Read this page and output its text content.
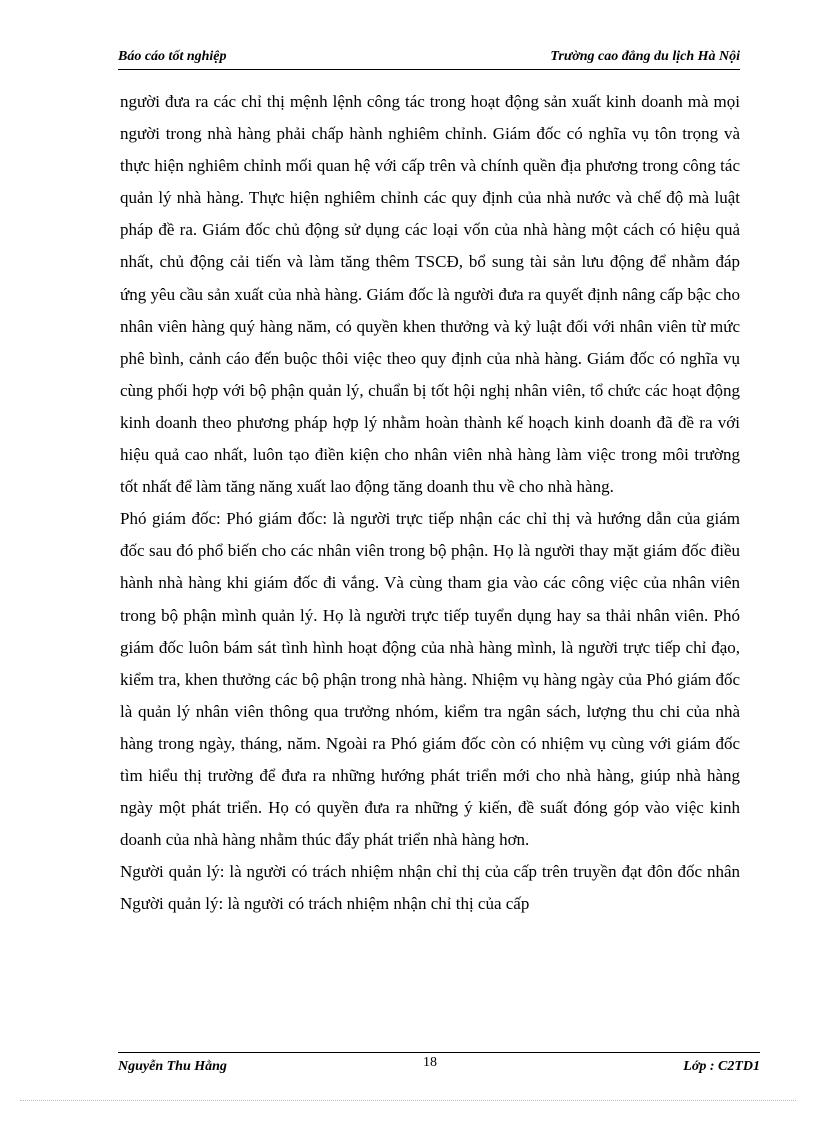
Báo cáo tốt nghiệp	Trường cao đẳng du lịch Hà Nội

người đưa ra các chỉ thị mệnh lệnh công tác trong hoạt động sản xuất kinh doanh mà mọi người trong nhà hàng phải chấp hành nghiêm chỉnh. Giám đốc có nghĩa vụ tôn trọng và thực hiện nghiêm chỉnh mối quan hệ với cấp trên và chính quền địa phương trong công tác quản lý nhà hàng. Thực hiện nghiêm chỉnh các quy định của nhà nước và chế độ mà luật pháp đề ra. Giám đốc chủ động sử dụng các loại vốn của nhà hàng một cách có hiệu quả nhất, chủ động cải tiến và làm tăng thêm TSCĐ, bổ sung tài sản lưu động để nhằm đáp ứng yêu cầu sản xuất của nhà hàng. Giám đốc là người đưa ra quyết định nâng cấp bậc cho nhân viên hàng quý hàng năm, có quyền khen thưởng và kỷ luật đối với nhân viên từ mức phê bình, cảnh cáo đến buộc thôi việc theo quy định của nhà hàng. Giám đốc có nghĩa vụ cùng phối hợp với bộ phận quản lý, chuẩn bị tốt hội nghị nhân viên, tổ chức các hoạt động kinh doanh theo phương pháp hợp lý nhằm hoàn thành kế hoạch kinh doanh đã đề ra với hiệu quả cao nhất, luôn tạo điền kiện cho nhân viên nhà hàng làm việc trong môi trường tốt nhất để làm tăng năng xuất lao động tăng doanh thu về cho nhà hàng.

Phó giám đốc: Phó giám đốc: là người trực tiếp nhận các chỉ thị và hướng dẫn của giám đốc sau đó phổ biến cho các nhân viên trong bộ phận. Họ là người thay mặt giám đốc điều hành nhà hàng khi giám đốc đi vắng. Và cùng tham gia vào các công việc của nhân viên trong bộ phận mình quản lý. Họ là người trực tiếp tuyển dụng hay sa thải nhân viên. Phó giám đốc luôn bám sát tình hình hoạt động của nhà hàng mình, là người trực tiếp chỉ đạo, kiểm tra, khen thưởng các bộ phận trong nhà hàng. Nhiệm vụ hàng ngày của Phó giám đốc là quản lý nhân viên thông qua trưởng nhóm, kiểm tra ngân sách, lượng thu chi của nhà hàng trong ngày, tháng, năm. Ngoài ra Phó giám đốc còn có nhiệm vụ cùng với giám đốc tìm hiểu thị trường để đưa ra những hướng phát triển mới cho nhà hàng, giúp nhà hàng ngày một phát triển. Họ có quyền đưa ra những ý kiến, đề suất đóng góp vào việc kinh doanh của nhà hàng nhằm thúc đẩy phát triển nhà hàng hơn.

Người quản lý: là người có trách nhiệm nhận chỉ thị của cấp trên truyền đạt đôn đốc nhân Người quản lý: là người có trách nhiệm nhận chỉ thị của cấp

Nguyễn Thu Hằng	18	Lớp : C2TD1
